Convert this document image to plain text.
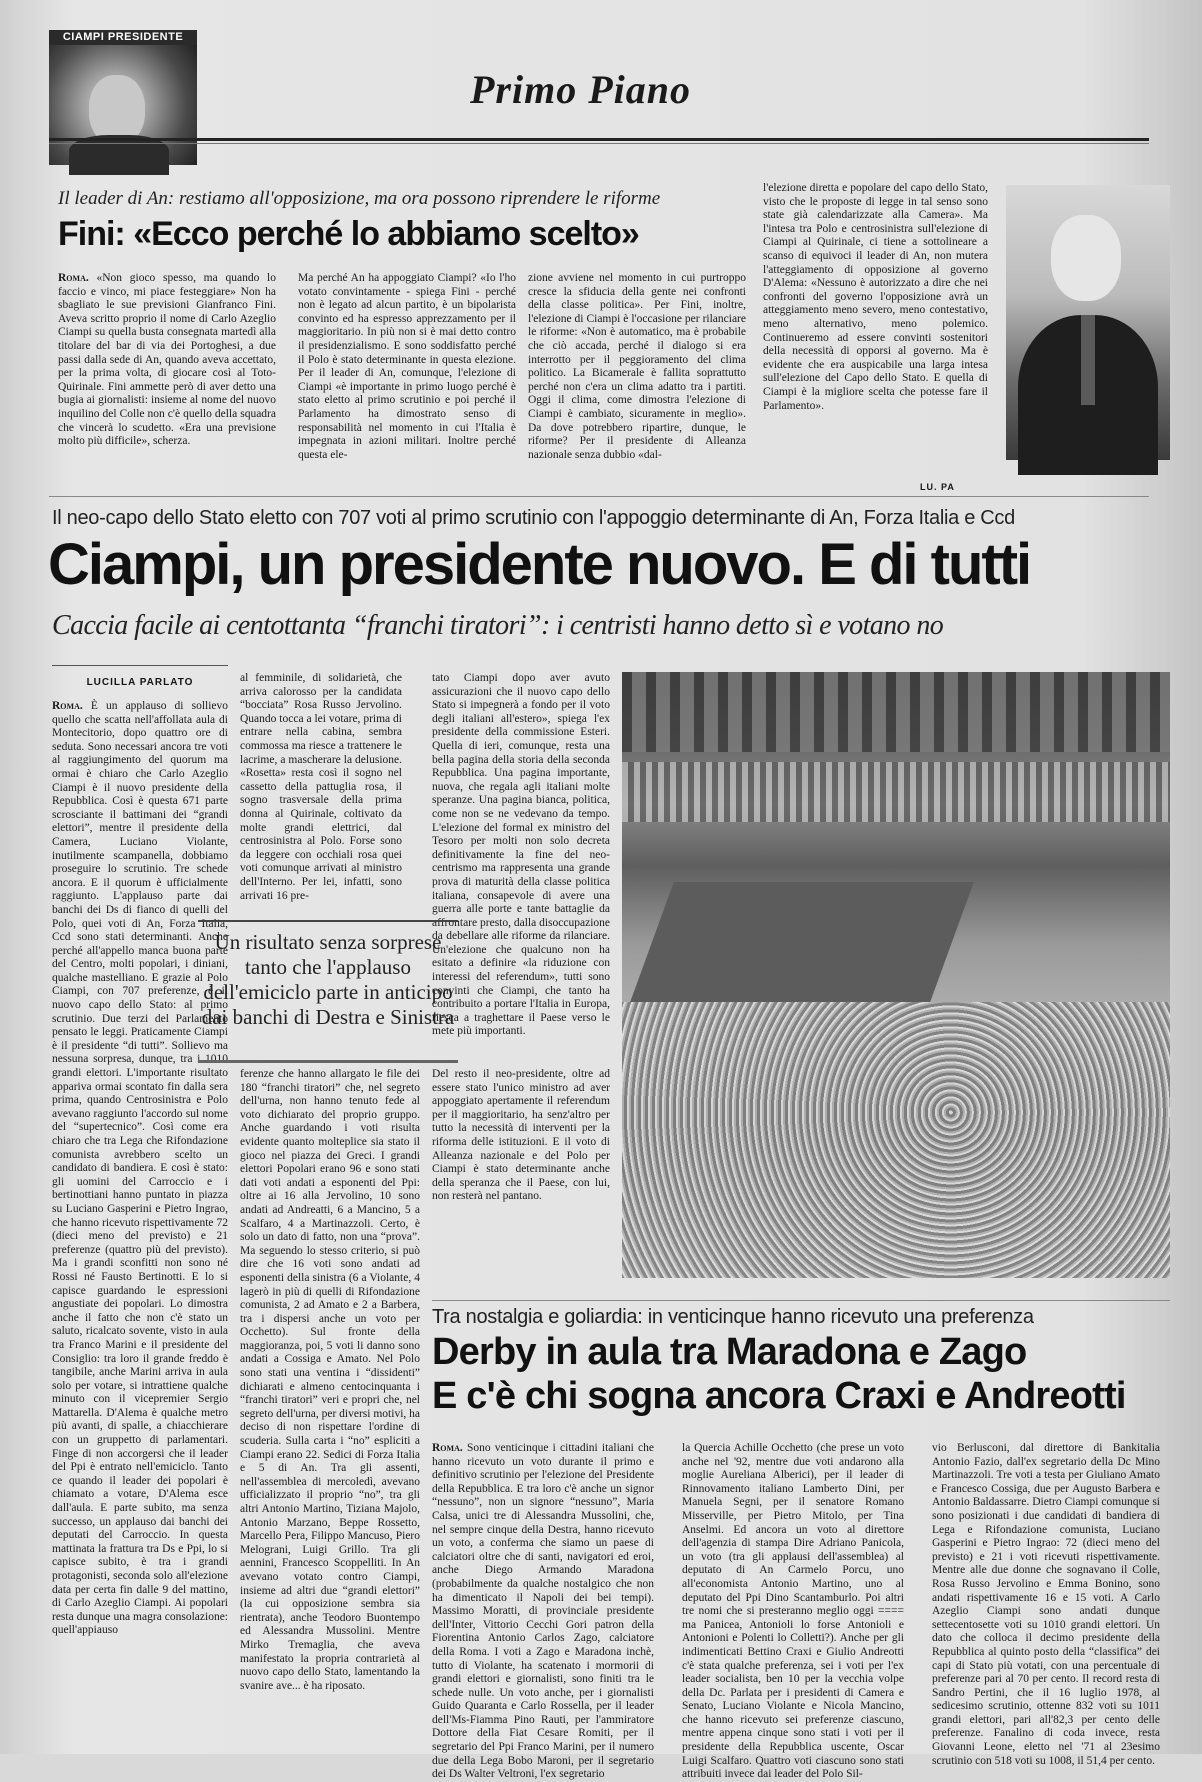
CIAMPI PRESIDENTE
Primo Piano
Il leader di An: restiamo all'opposizione, ma ora possono riprendere le riforme
Fini: «Ecco perché lo abbiamo scelto»
Roma. «Non gioco spesso, ma quando lo faccio e vinco, mi piace festeggiare» Non ha sbagliato le sue previsioni Gianfranco Fini. Aveva scritto proprio il nome di Carlo Azeglio Ciampi su quella busta consegnata martedì alla titolare del bar di via dei Portoghesi, a due passi dalla sede di An, quando aveva accettato, per la prima volta, di giocare così al Toto-Quirinale. Fini ammette però di aver detto una bugia ai giornalisti: insieme al nome del nuovo inquilino del Colle non c'è quello della squadra che vincerà lo scudetto. «Era una previsione molto più difficile», scherza.
Ma perché An ha appoggiato Ciampi? «Io l'ho votato convintamente - spiega Fini - perché non è legato ad alcun partito, è un bipolarista convinto ed ha espresso apprezzamento per il maggioritario. In più non si è mai detto contro il presidenzialismo. E sono soddisfatto perché il Polo è stato determinante in questa elezione. Per il leader di An, comunque, l'elezione di Ciampi «è importante in primo luogo perché è stato eletto al primo scrutinio e poi perché il Parlamento ha dimostrato senso di responsabilità nel momento in cui l'Italia è impegnata in azioni militari. Inoltre perché questa ele-
zione avviene nel momento in cui purtroppo cresce la sfiducia della gente nei confronti della classe politica». Per Fini, inoltre, l'elezione di Ciampi è l'occasione per rilanciare le riforme: «Non è automatico, ma è probabile che ciò accada, perché il dialogo si era interrotto per il peggioramento del clima politico. La Bicamerale è fallita soprattutto perché non c'era un clima adatto tra i partiti. Oggi il clima, come dimostra l'elezione di Ciampi è cambiato, sicuramente in meglio». Da dove potrebbero ripartire, dunque, le riforme? Per il presidente di Alleanza nazionale senza dubbio «dal-
l'elezione diretta e popolare del capo dello Stato, visto che le proposte di legge in tal senso sono state già calendarizzate alla Camera». Ma l'intesa tra Polo e centrosinistra sull'elezione di Ciampi al Quirinale, ci tiene a sottolineare a scanso di equivoci il leader di An, non mutera l'atteggiamento di opposizione al governo D'Alema: «Nessuno è autorizzato a dire che nei confronti del governo l'opposizione avrà un atteggiamento meno severo, meno contestativo, meno alternativo, meno polemico. Continueremo ad essere convinti sostenitori della necessità di opporsi al governo. Ma è evidente che era auspicabile una larga intesa sull'elezione del Capo dello Stato. E quella di Ciampi è la migliore scelta che potesse fare il Parlamento».
LU. PA
Il neo-capo dello Stato eletto con 707 voti al primo scrutinio con l'appoggio determinante di An, Forza Italia e Ccd
Ciampi, un presidente nuovo. E di tutti
Caccia facile ai centottanta “franchi tiratori”: i centristi hanno detto sì e votano no
LUCILLA PARLATO
Roma. È un applauso di sollievo quello che scatta nell'affollata aula di Montecitorio, dopo quattro ore di seduta. Sono necessari ancora tre voti al raggiungimento del quorum ma ormai è chiaro che Carlo Azeglio Ciampi è il nuovo presidente della Repubblica. Così è questa 671 parte scrosciante il battimani dei “grandi elettori”, mentre il presidente della Camera, Luciano Violante, inutilmente scampanella, dobbiamo proseguire lo scrutinio. Tre schede ancora. E il quorum è ufficialmente raggiunto. L'applauso parte dai banchi dei Ds di fianco di quelli del Polo, quei voti di An, Forza Italia, Ccd sono stati determinanti. Anche perché all'appello manca buona parte del Centro, molti popolari, i diniani, qualche mastelliano. E grazie al Polo Ciampi, con 707 preferenze, è il nuovo capo dello Stato: al primo scrutinio. Due terzi del Parlamento pensato le leggi. Praticamente Ciampi è il presidente “di tutti”. Sollievo ma nessuna sorpresa, dunque, tra i 1010 grandi elettori. L'importante risultato appariva ormai scontato fin dalla sera prima, quando Centrosinistra e Polo avevano raggiunto l'accordo sul nome del “supertecnico”. Così come era chiaro che tra Lega che Rifondazione comunista avrebbero scelto un candidato di bandiera. E così è stato: gli uomini del Carroccio e i bertinottiani hanno puntato in piazza su Luciano Gasperini e Pietro Ingrao, che hanno ricevuto rispettivamente 72 (dieci meno del previsto) e 21 preferenze (quattro più del previsto). Ma i grandi sconfitti non sono né Rossi né Fausto Bertinotti. E lo si capisce guardando le espressioni angustiate dei popolari. Lo dimostra anche il fatto che non c'è stato un saluto, ricalcato sovente, visto in aula tra Franco Marini e il presidente del Consiglio: tra loro il grande freddo è tangibile, anche Marini arriva in aula solo per votare, si intrattiene qualche minuto con il vicepremier Sergio Mattarella. D'Alema è qualche metro più avanti, di spalle, a chiacchierare con un gruppetto di parlamentari. Finge di non accorgersi che il leader del Ppi è entrato nell'emiciclo. Tanto ce quando il leader dei popolari è chiamato a votare, D'Alema esce dall'aula. E parte subito, ma senza successo, un applauso dai banchi dei deputati del Carroccio. In questa mattinata la frattura tra Ds e Ppi, lo si capisce subito, è tra i grandi protagonisti, seconda solo all'elezione data per certa fin dalle 9 del mattino, di Carlo Azeglio Ciampi. Ai popolari resta dunque una magra consolazione: quell'appiauso
al femminile, di solidarietà, che arriva calorosso per la candidata “bocciata” Rosa Russo Jervolino. Quando tocca a lei votare, prima di entrare nella cabina, sembra commossa ma riesce a trattenere le lacrime, a mascherare la delusione. «Rosetta» resta così il sogno nel cassetto della pattuglia rosa, il sogno trasversale della prima donna al Quirinale, coltivato da molte grandi elettrici, dal centrosinistra al Polo. Forse sono da leggere con occhiali rosa quei voti comunque arrivati al ministro dell'Interno. Per lei, infatti, sono arrivati 16 pre-
tato Ciampi dopo aver avuto assicurazioni che il nuovo capo dello Stato si impegnerà a fondo per il voto degli italiani all'estero», spiega l'ex presidente della commissione Esteri. Quella di ieri, comunque, resta una bella pagina della storia della seconda Repubblica. Una pagina importante, nuova, che regala agli italiani molte speranze. Una pagina bianca, politica, come non se ne vedevano da tempo. L'elezione del formal ex ministro del Tesoro per molti non solo decreta definitivamente la fine del neo-centrismo ma rappresenta una grande prova di maturità della classe politica italiana, consapevole di avere una guerra alle porte e tante battaglie da affrontare presto, dalla disoccupazione da debellare alle riforme da rilanciare. Un'elezione che qualcuno non ha esitato a definire «la riduzione con interessi del referendum», tutti sono convinti che Ciampi, che tanto ha contribuito a portare l'Italia in Europa, riesca a traghettare il Paese verso le mete più importanti.
Un risultato senza sorprese tanto che l'applauso dell'emiciclo parte in anticipo dai banchi di Destra e Sinistra
ferenze che hanno allargato le file dei 180 “franchi tiratori” che, nel segreto dell'urna, non hanno tenuto fede al voto dichiarato del proprio gruppo. Anche guardando i voti risulta evidente quanto molteplice sia stato il gioco nel piazza dei Greci. I grandi elettori Popolari erano 96 e sono stati dati voti andati a esponenti del Ppi: oltre ai 16 alla Jervolino, 10 sono andati ad Andreatti, 6 a Mancino, 5 a Scalfaro, 4 a Martinazzoli. Certo, è solo un dato di fatto, non una “prova”. Ma seguendo lo stesso criterio, si può dire che 16 voti sono andati ad esponenti della sinistra (6 a Violante, 4 lagerò in più di quelli di Rifondazione comunista, 2 ad Amato e 2 a Barbera, tra i dispersi anche un voto per Occhetto). Sul fronte della maggioranza, poi, 5 voti li danno sono andati a Cossiga e Amato. Nel Polo sono stati una ventina i “dissidenti” dichiarati e almeno centocinquanta i “franchi tiratori” veri e propri che, nel segreto dell'urna, per diversi motivi, ha deciso di non rispettare l'ordine di scuderia. Sulla carta i “no” espliciti a Ciampi erano 22. Sedici di Forza Italia e 5 di An. Tra gli assenti, nell'assemblea di mercoledì, avevano ufficializzato il proprio “no”, tra gli altri Antonio Martino, Tiziana Majolo, Antonio Marzano, Beppe Rossetto, Marcello Pera, Filippo Mancuso, Piero Melograni, Luigi Grillo. Tra gli aennini, Francesco Scoppelliti. In An avevano votato contro Ciampi, insieme ad altri due “grandi elettori” (la cui opposizione sembra sia rientrata), anche Teodoro Buontempo ed Alessandra Mussolini. Mentre Mirko Tremaglia, che aveva manifestato la propria contrarietà al nuovo capo dello Stato, lamentando la svanire ave... è ha riposato.
Del resto il neo-presidente, oltre ad essere stato l'unico ministro ad aver appoggiato apertamente il referendum per il maggioritario, ha senz'altro per tutto la necessità di interventi per la riforma delle istituzioni. E il voto di Alleanza nazionale e del Polo per Ciampi è stato determinante anche della speranza che il Paese, con lui, non resterà nel pantano.
Tra nostalgia e goliardia: in venticinque hanno ricevuto una preferenza
Derby in aula tra Maradona e Zago
E c'è chi sogna ancora Craxi e Andreotti
Roma. Sono venticinque i cittadini italiani che hanno ricevuto un voto durante il primo e definitivo scrutinio per l'elezione del Presidente della Repubblica. E tra loro c'è anche un signor “nessuno”, non un signore “nessuno”, Maria Calsa, unici tre di Alessandra Mussolini, che, nel sempre cinque della Destra, hanno ricevuto un voto, a conferma che siamo un paese di calciatori oltre che di santi, navigatori ed eroi, anche Diego Armando Maradona (probabilmente da qualche nostalgico che non ha dimenticato il Napoli dei bei tempi). Massimo Moratti, di provinciale presidente dell'Inter, Vittorio Cecchi Gori patron della Fiorentina Antonio Carlos Zago, calciatore della Roma. I voti a Zago e Maradona inchè, tutto di Violante, ha scatenato i mormorii di grandi elettori e giornalisti, sono finiti tra le schede nulle. Un voto anche, per i giornalisti Guido Quaranta e Carlo Rossella, per il leader dell'Ms-Fiamma Pino Rauti, per l'ammiratore Dottore della Fiat Cesare Romiti, per il segretario del Ppi Franco Marini, per il numero due della Lega Bobo Maroni, per il segretario dei Ds Walter Veltroni, l'ex segretario
la Quercia Achille Occhetto (che prese un voto anche nel '92, mentre due voti andarono alla moglie Aureliana Alberici), per il leader di Rinnovamento italiano Lamberto Dini, per Manuela Segni, per il senatore Romano Misserville, per Pietro Mitolo, per Tina Anselmi. Ed ancora un voto al direttore dell'agenzia di stampa Dire Adriano Panicola, un voto (tra gli applausi dell'assemblea) al deputato di An Carmelo Porcu, uno all'economista Antonio Martino, uno al deputato del Ppi Dino Scantamburlo. Poi altri tre nomi che si presteranno meglio oggi ==== ma Panicea, Antonioli lo forse Antonioli e Antonioni e Polenti lo Colletti?). Anche per gli indimenticati Bettino Craxi e Giulio Andreotti c'è stata qualche preferenza, sei i voti per l'ex leader socialista, ben 10 per la vecchia volpe della Dc. Parlata per i presidenti di Camera e Senato, Luciano Violante e Nicola Mancino, che hanno ricevuto sei preferenze ciascuno, mentre appena cinque sono stati i voti per il presidente della Repubblica uscente, Oscar Luigi Scalfaro. Quattro voti ciascuno sono stati attribuiti invece dai leader del Polo Sil-
vio Berlusconi, dal direttore di Bankitalia Antonio Fazio, dall'ex segretario della Dc Mino Martinazzoli. Tre voti a testa per Giuliano Amato e Francesco Cossiga, due per Augusto Barbera e Antonio Baldassarre. Dietro Ciampi comunque si sono posizionati i due candidati di bandiera di Lega e Rifondazione comunista, Luciano Gasperini e Pietro Ingrao: 72 (dieci meno del previsto) e 21 i voti ricevuti rispettivamente. Mentre alle due donne che sognavano il Colle, Rosa Russo Jervolino e Emma Bonino, sono andati rispettivamente 16 e 15 voti. A Carlo Azeglio Ciampi sono andati dunque settecentosette voti su 1010 grandi elettori. Un dato che colloca il decimo presidente della Repubblica al quinto posto della “classifica” dei capi di Stato più votati, con una percentuale di preferenze pari al 70 per cento. Il record resta di Sandro Pertini, che il 16 luglio 1978, al sedicesimo scrutinio, ottenne 832 voti su 1011 grandi elettori, pari all'82,3 per cento delle preferenze. Fanalino di coda invece, resta Giovanni Leone, eletto nel '71 al 23esimo scrutinio con 518 voti su 1008, il 51,4 per cento.
